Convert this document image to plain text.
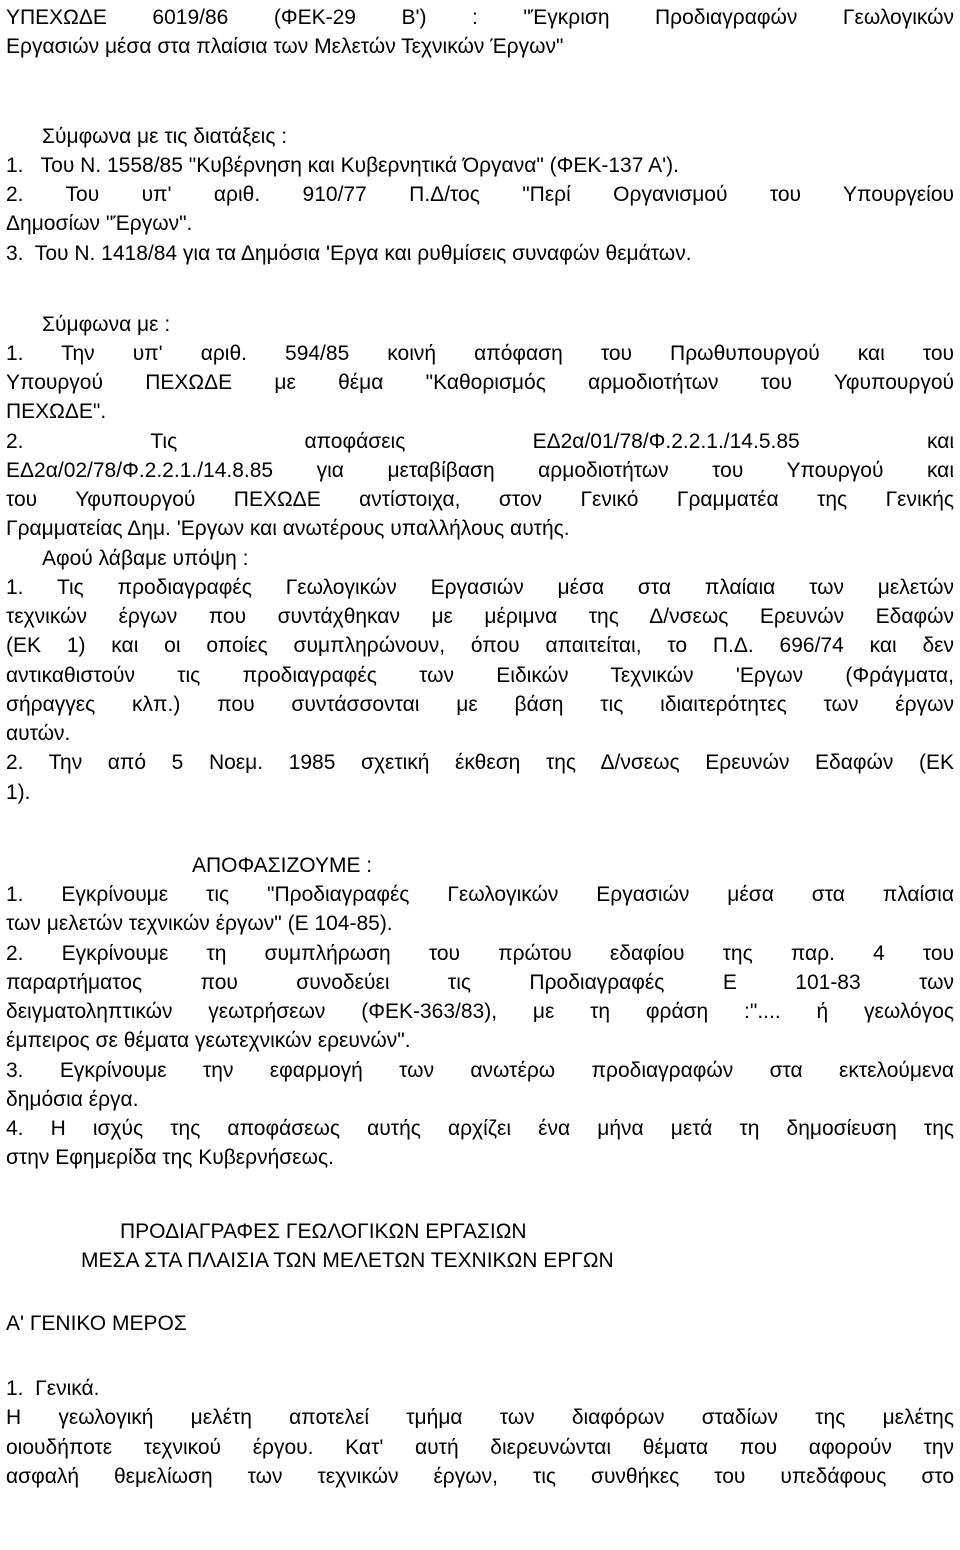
ΥΠΕΧΩΔΕ 6019/86 (ΦΕΚ-29 Β') : "Έγκριση Προδιαγραφών Γεωλογικών
Εργασιών μέσα στα πλαίσια των Μελετών Τεχνικών Έργων"
Σύμφωνα με τις διατάξεις :
1.   Του Ν. 1558/85 "Κυβέρνηση και Κυβερνητικά Όργανα" (ΦΕΚ-137 Α').
2. Του υπ' αριθ. 910/77 Π.Δ/τος "Περί Οργανισμού του Υπουργείου
Δημοσίων "Έργων".
3.  Του Ν. 1418/84 για τα Δημόσια 'Εργα και ρυθμίσεις συναφών θεμάτων.
Σύμφωνα με :
1. Την υπ' αριθ. 594/85 κοινή απόφαση του Πρωθυπουργού και του
Υπουργού ΠΕΧΩΔΕ με θέμα "Καθορισμός αρμοδιοτήτων του Υφυπουργού
ΠΕΧΩΔΕ".
2. Τις αποφάσεις ΕΔ2α/01/78/Φ.2.2.1./14.5.85 και
ΕΔ2α/02/78/Φ.2.2.1./14.8.85 για μεταβίβαση αρμοδιοτήτων του Υπουργού και
του Υφυπουργού ΠΕΧΩΔΕ αντίστοιχα, στον Γενικό Γραμματέα της Γενικής
Γραμματείας Δημ. 'Εργων και ανωτέρους υπαλλήλους αυτής.
Αφού λάβαμε υπόψη :
1. Τις προδιαγραφές Γεωλογικών Εργασιών μέσα στα πλαίαια των μελετών
τεχνικών έργων που συντάχθηκαν με μέριμνα της Δ/νσεως Ερευνών Εδαφών
(ΕΚ 1) και οι οποίες συμπληρώνουν, όπου απαιτείται, το Π.Δ. 696/74 και δεν
αντικαθιστούν τις προδιαγραφές των Ειδικών Τεχνικών 'Εργων (Φράγματα,
σήραγγες κλπ.) που συντάσσονται με βάση τις ιδιαιτερότητες των έργων
αυτών.
2. Την από 5 Νοεμ. 1985 σχετική έκθεση της Δ/νσεως Ερευνών Εδαφών (ΕΚ
1).
ΑΠΟΦΑΣΙΖΟΥΜΕ :
1. Εγκρίνουμε τις "Προδιαγραφές Γεωλογικών Εργασιών μέσα στα πλαίσια
των μελετών τεχνικών έργων" (Ε 104-85).
2. Εγκρίνουμε τη συμπλήρωση του πρώτου εδαφίου της παρ. 4 του
παραρτήματος που συνοδεύει τις Προδιαγραφές Ε 101-83 των
δειγματοληπτικών γεωτρήσεων (ΦΕΚ-363/83), με τη φράση :".... ή γεωλόγος
έμπειρος σε θέματα γεωτεχνικών ερευνών".
3. Εγκρίνουμε την εφαρμογή των ανωτέρω προδιαγραφών στα εκτελούμενα
δημόσια έργα.
4. Η ισχύς της αποφάσεως αυτής αρχίζει ένα μήνα μετά τη δημοσίευση της
στην Εφημερίδα της Κυβερνήσεως.
ΠΡΟΔΙΑΓΡΑΦΕΣ ΓΕΩΛΟΓΙΚΩΝ ΕΡΓΑΣΙΩΝ
ΜΕΣΑ ΣΤΑ ΠΛΑΙΣΙΑ ΤΩΝ ΜΕΛΕΤΩΝ ΤΕΧΝΙΚΩΝ ΕΡΓΩΝ
Α' ΓΕΝΙΚΟ ΜΕΡΟΣ
1.  Γενικά.
Η γεωλογική μελέτη αποτελεί τμήμα των διαφόρων σταδίων της μελέτης
οιουδήποτε τεχνικού έργου. Κατ' αυτή διερευνώνται θέματα που αφορούν την
ασφαλή θεμελίωση των τεχνικών έργων, τις συνθήκες του υπεδάφους στο
